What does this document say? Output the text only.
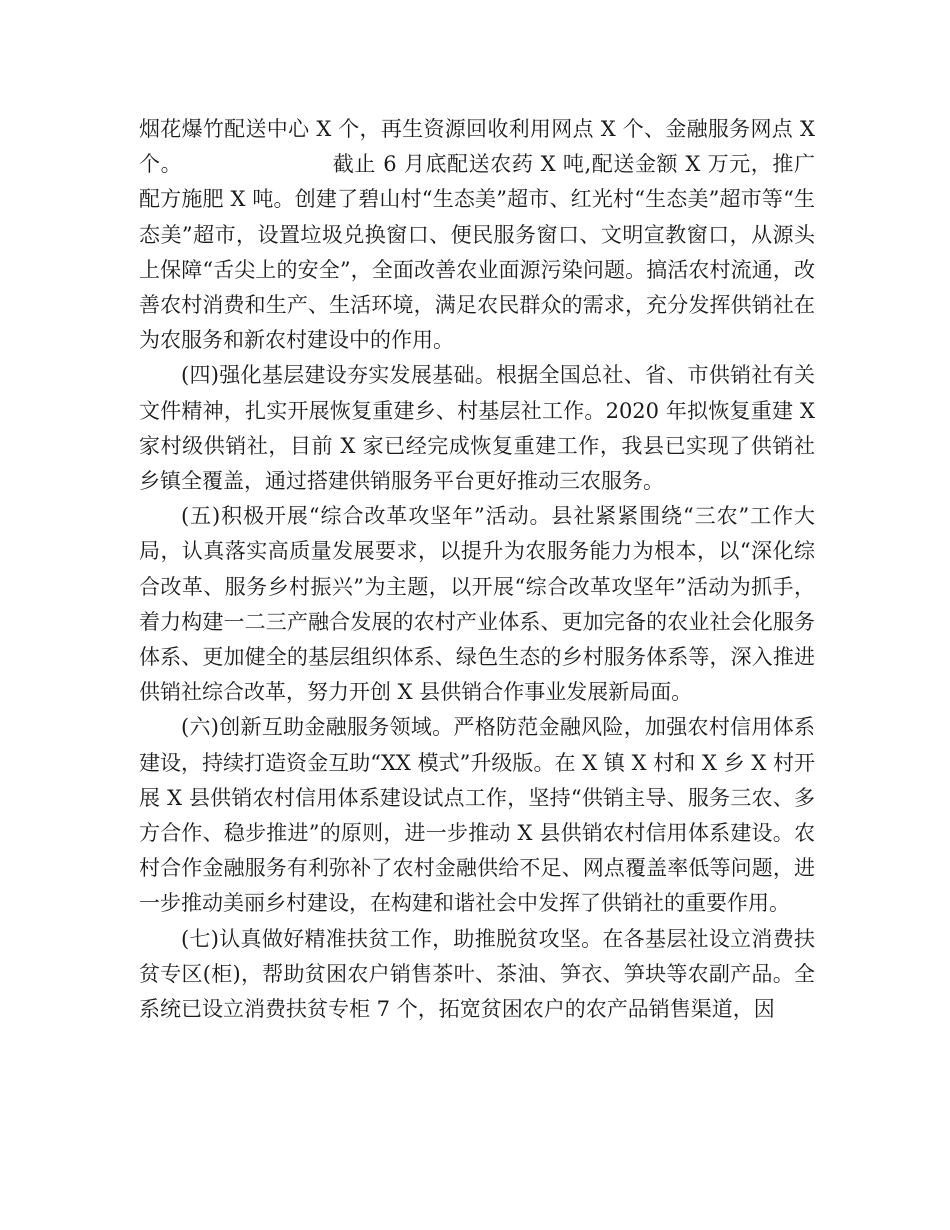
烟花爆竹配送中心 X 个，再生资源回收利用网点 X 个、金融服务网点 X 个。	截止 6 月底配送农药 X 吨,配送金额 X 万元，推广配方施肥 X 吨。创建了碧山村“生态美”超市、红光村“生态美”超市等“生态美”超市，设置垃圾兑换窗口、便民服务窗口、文明宣教窗口，从源头上保障“舌尖上的安全”，全面改善农业面源污染问题。搞活农村流通，改善农村消费和生产、生活环境，满足农民群众的需求，充分发挥供销社在为农服务和新农村建设中的作用。

(四)强化基层建设夯实发展基础。根据全国总社、省、市供销社有关文件精神，扎实开展恢复重建乡、村基层社工作。2020 年拟恢复重建 X 家村级供销社，目前 X 家已经完成恢复重建工作，我县已实现了供销社乡镇全覆盖，通过搭建供销服务平台更好推动三农服务。

(五)积极开展“综合改革攻坚年”活动。县社紧紧围绕“三农”工作大局，认真落实高质量发展要求，以提升为农服务能力为根本，以“深化综合改革、服务乡村振兴”为主题，以开展“综合改革攻坚年”活动为抓手，着力构建一二三产融合发展的农村产业体系、更加完备的农业社会化服务体系、更加健全的基层组织体系、绿色生态的乡村服务体系等，深入推进供销社综合改革，努力开创 X 县供销合作事业发展新局面。

(六)创新互助金融服务领域。严格防范金融风险，加强农村信用体系建设，持续打造资金互助“XX 模式”升级版。在 X 镇 X 村和 X 乡 X 村开展 X 县供销农村信用体系建设试点工作，坚持“供销主导、服务三农、多方合作、稳步推进”的原则，进一步推动 X 县供销农村信用体系建设。农村合作金融服务有利弥补了农村金融供给不足、网点覆盖率低等问题，进一步推动美丽乡村建设，在构建和谐社会中发挥了供销社的重要作用。

(七)认真做好精准扶贫工作，助推脱贫攻坚。在各基层社设立消费扶贫专区(柜)，帮助贫困农户销售茶叶、茶油、笋衣、笋块等农副产品。全系统已设立消费扶贫专柜 7 个，拓宽贫困农户的农产品销售渠道，因
